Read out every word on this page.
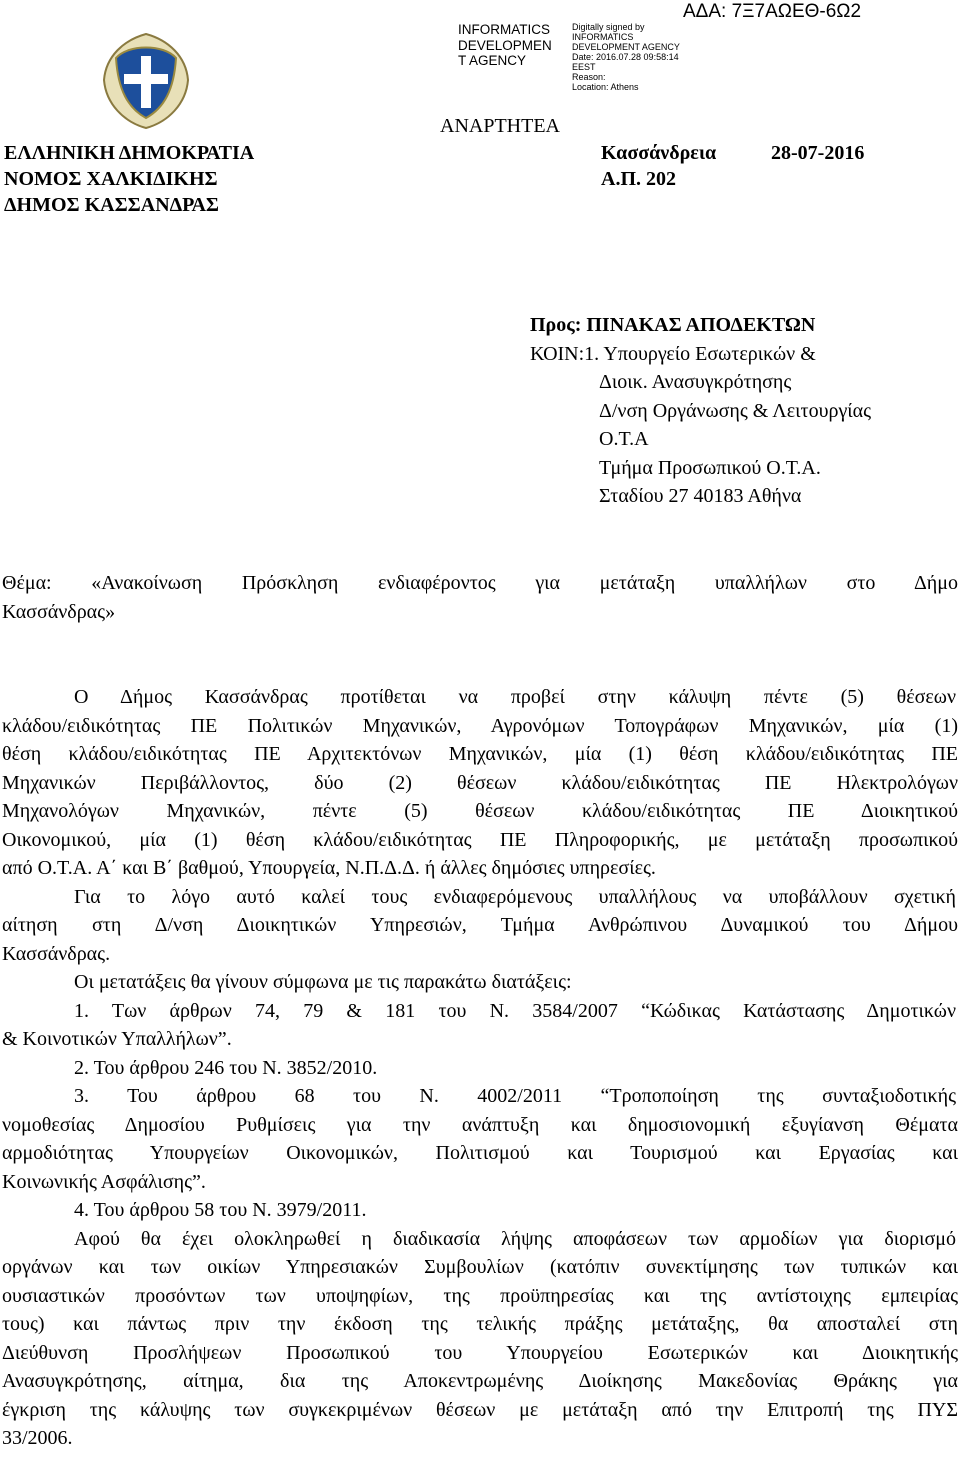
INFORMATICS
DEVELOPMEN
T AGENCY
Digitally signed by
INFORMATICS
DEVELOPMENT AGENCY
Date: 2016.07.28 09:58:14
EEST
Reason:
Location: Athens
ΑΔΑ: 7Ξ7ΑΩΕΘ-6Ω2
ΑΝΑΡΤΗΤΕΑ
ΕΛΛΗΝΙΚΗ ΔΗΜΟΚΡΑΤΙΑ
ΝΟΜΟΣ ΧΑΛΚΙΔΙΚΗΣ
ΔΗΜΟΣ ΚΑΣΣΑΝΔΡΑΣ
Κασσάνδρεια	28-07-2016
Α.Π. 202
Προς: ΠΙΝΑΚΑΣ ΑΠΟΔΕΚΤΩΝ
ΚΟΙΝ:1. Υπουργείο Εσωτερικών &
Διοικ. Ανασυγκρότησης
Δ/νση Οργάνωσης & Λειτουργίας
Ο.Τ.Α
Τμήμα Προσωπικού Ο.Τ.Α.
Σταδίου 27 40183 Αθήνα
Θέμα: «Ανακοίνωση Πρόσκληση ενδιαφέροντος για μετάταξη υπαλλήλων στο Δήμο
Κασσάνδρας»
Ο Δήμος Κασσάνδρας προτίθεται να προβεί στην κάλυψη πέντε (5) θέσεων
κλάδου/ειδικότητας ΠΕ Πολιτικών Μηχανικών, Αγρονόμων Τοπογράφων Μηχανικών, μία (1)
θέση κλάδου/ειδικότητας ΠΕ Αρχιτεκτόνων Μηχανικών, μία (1) θέση κλάδου/ειδικότητας ΠΕ
Μηχανικών Περιβάλλοντος, δύο (2) θέσεων κλάδου/ειδικότητας ΠΕ Ηλεκτρολόγων
Μηχανολόγων Μηχανικών, πέντε (5) θέσεων κλάδου/ειδικότητας ΠΕ Διοικητικού
Οικονομικού, μία (1) θέση κλάδου/ειδικότητας ΠΕ Πληροφορικής, με μετάταξη προσωπικού
από Ο.Τ.Α. Α΄ και Β΄ βαθμού, Υπουργεία, Ν.Π.Δ.Δ. ή άλλες δημόσιες υπηρεσίες.
Για το λόγο αυτό καλεί τους ενδιαφερόμενους υπαλλήλους να υποβάλλουν σχετική
αίτηση στη Δ/νση Διοικητικών Υπηρεσιών, Τμήμα Ανθρώπινου Δυναμικού του Δήμου
Κασσάνδρας.
Οι μετατάξεις θα γίνουν σύμφωνα με τις παρακάτω διατάξεις:
1. Των άρθρων 74, 79 & 181 του Ν. 3584/2007 “Κώδικας Κατάστασης Δημοτικών
& Κοινοτικών Υπαλλήλων”.
2. Του άρθρου 246 του Ν. 3852/2010.
3. Του άρθρου 68 του Ν. 4002/2011 “Τροποποίηση της συνταξιοδοτικής
νομοθεσίας Δημοσίου Ρυθμίσεις για την ανάπτυξη και δημοσιονομική εξυγίανση Θέματα
αρμοδιότητας Υπουργείων Οικονομικών, Πολιτισμού και Τουρισμού και Εργασίας και
Κοινωνικής Ασφάλισης”.
4. Του άρθρου 58 του Ν. 3979/2011.
Αφού θα έχει ολοκληρωθεί η διαδικασία λήψης αποφάσεων των αρμοδίων για διορισμό
οργάνων και των οικίων Υπηρεσιακών Συμβουλίων (κατόπιν συνεκτίμησης των τυπικών και
ουσιαστικών προσόντων των υποψηφίων, της προϋπηρεσίας και της αντίστοιχης εμπειρίας
τους) και πάντως πριν την έκδοση της τελικής πράξης μετάταξης, θα αποσταλεί στη
Διεύθυνση Προσλήψεων Προσωπικού του Υπουργείου Εσωτερικών και Διοικητικής
Ανασυγκρότησης, αίτημα, δια της Αποκεντρωμένης Διοίκησης Μακεδονίας Θράκης για
έγκριση της κάλυψης των συγκεκριμένων θέσεων με μετάταξη από την Επιτροπή της ΠΥΣ
33/2006.
